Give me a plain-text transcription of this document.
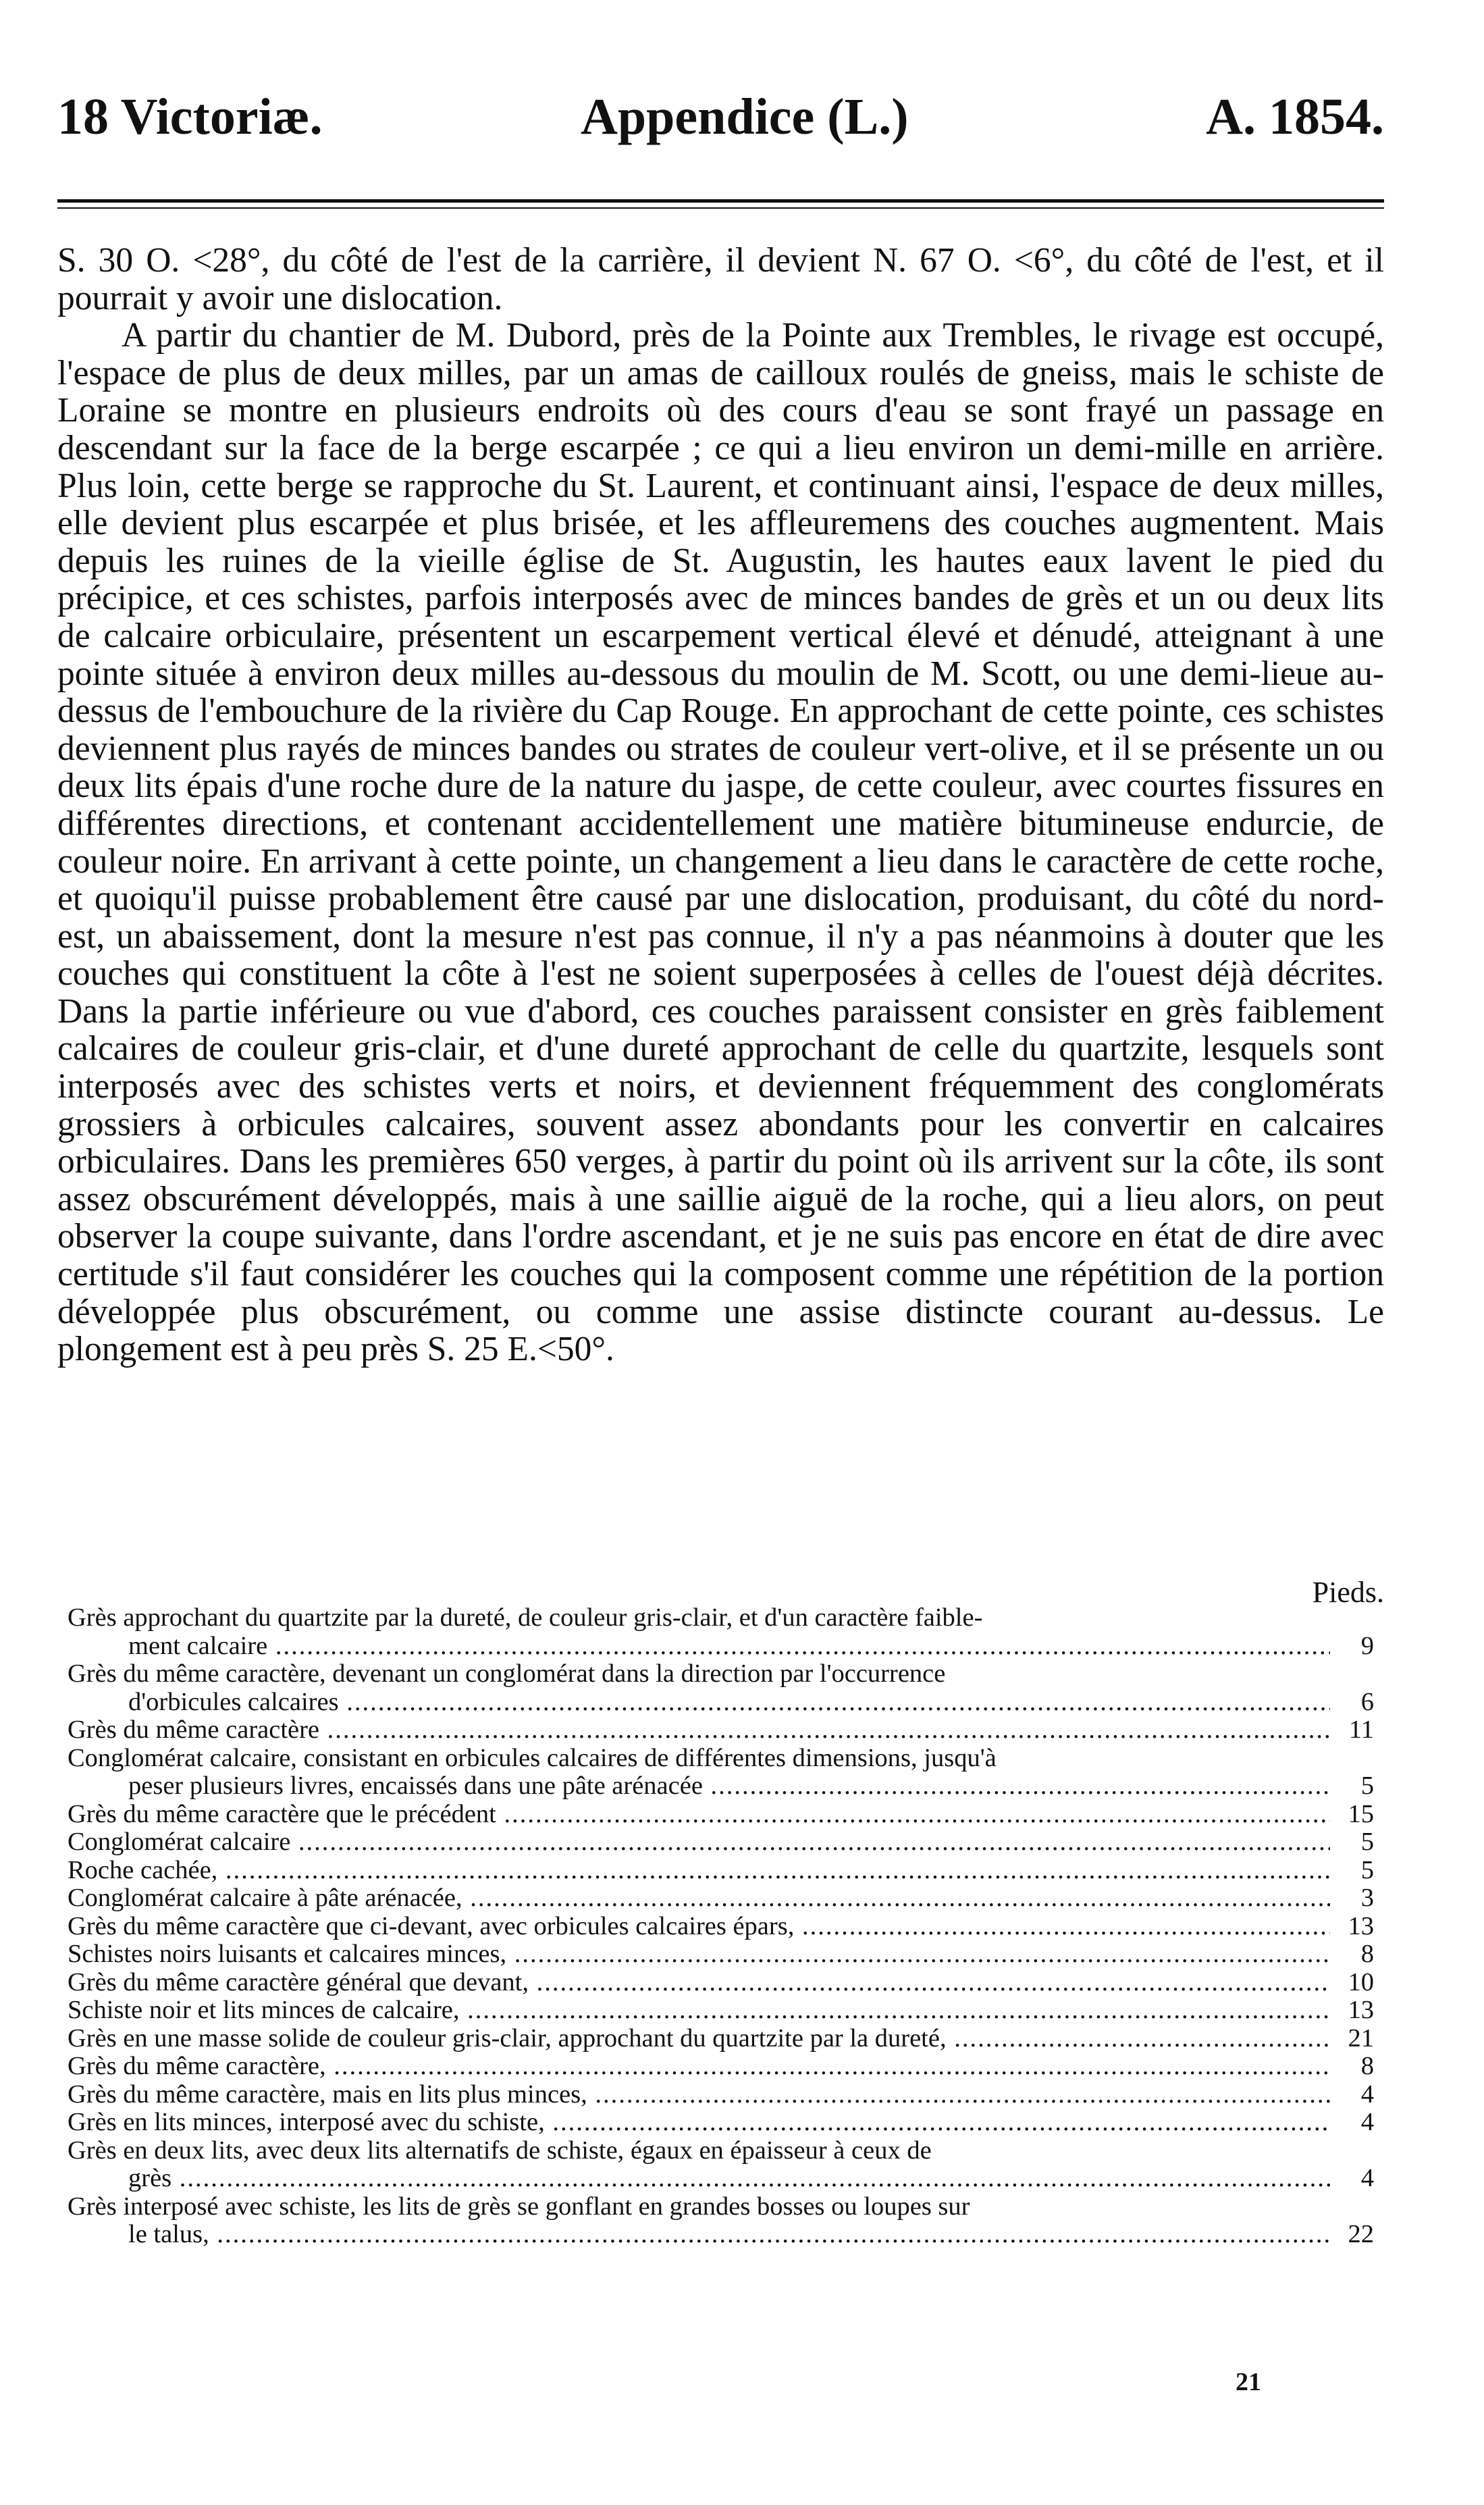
18 Victoriæ.	Appendice (L.)	A. 1854.

S. 30 O. <28°, du côté de l'est de la carrière, il devient N. 67 O. <6°, du côté de l'est, et il pourrait y avoir une dislocation.

A partir du chantier de M. Dubord, près de la Pointe aux Trembles, le rivage est occupé, l'espace de plus de deux milles, par un amas de cailloux roulés de gneiss, mais le schiste de Loraine se montre en plusieurs endroits où des cours d'eau se sont frayé un passage en descendant sur la face de la berge escarpée ; ce qui a lieu environ un demi-mille en arrière. Plus loin, cette berge se rapproche du St. Laurent, et continuant ainsi, l'espace de deux milles, elle devient plus escarpée et plus brisée, et les affleuremens des couches augmentent. Mais depuis les ruines de la vieille église de St. Augustin, les hautes eaux lavent le pied du précipice, et ces schistes, parfois interposés avec de minces bandes de grès et un ou deux lits de calcaire orbiculaire, présentent un escarpement vertical élevé et dénudé, atteignant à une pointe située à environ deux milles au-dessous du moulin de M. Scott, ou une demi-lieue au-dessus de l'embouchure de la rivière du Cap Rouge. En approchant de cette pointe, ces schistes deviennent plus rayés de minces bandes ou strates de couleur vert-olive, et il se présente un ou deux lits épais d'une roche dure de la nature du jaspe, de cette couleur, avec courtes fissures en différentes directions, et contenant accidentellement une matière bitumineuse endurcie, de couleur noire. En arrivant à cette pointe, un changement a lieu dans le caractère de cette roche, et quoiqu'il puisse probablement être causé par une dislocation, produisant, du côté du nord-est, un abaissement, dont la mesure n'est pas connue, il n'y a pas néanmoins à douter que les couches qui constituent la côte à l'est ne soient superposées à celles de l'ouest déjà décrites. Dans la partie inférieure ou vue d'abord, ces couches paraissent consister en grès faiblement calcaires de couleur gris-clair, et d'une dureté approchant de celle du quartzite, lesquels sont interposés avec des schistes verts et noirs, et deviennent fréquemment des conglomérats grossiers à orbicules calcaires, souvent assez abondants pour les convertir en calcaires orbiculaires. Dans les premières 650 verges, à partir du point où ils arrivent sur la côte, ils sont assez obscurément développés, mais à une saillie aiguë de la roche, qui a lieu alors, on peut observer la coupe suivante, dans l'ordre ascendant, et je ne suis pas encore en état de dire avec certitude s'il faut considérer les couches qui la composent comme une répétition de la portion développée plus obscurément, ou comme une assise distincte courant au-dessus. Le plongement est à peu près S. 25 E.<50°.

Pieds.
Grès approchant du quartzite par la dureté, de couleur gris-clair, et d'un caractère faible-
ment calcaire .....	9
Grès du même caractère, devenant un conglomérat dans la direction par l'occurrence
d'orbicules calcaires .....	6
Grès du même caractère .....	11
Conglomérat calcaire, consistant en orbicules calcaires de différentes dimensions, jusqu'à
peser plusieurs livres, encaissés dans une pâte arénacée .....	5
Grès du même caractère que le précédent .....	15
Conglomérat calcaire .....	5
Roche cachée, .....	5
Conglomérat calcaire à pâte arénacée, .....	3
Grès du même caractère que ci-devant, avec orbicules calcaires épars, .....	13
Schistes noirs luisants et calcaires minces, .....	8
Grès du même caractère général que devant, .....	10
Schiste noir et lits minces de calcaire, .....	13
Grès en une masse solide de couleur gris-clair, approchant du quartzite par la dureté, .....	21
Grès du même caractère, .....	8
Grès du même caractère, mais en lits plus minces, .....	4
Grès en lits minces, interposé avec du schiste, .....	4
Grès en deux lits, avec deux lits alternatifs de schiste, égaux en épaisseur à ceux de
grès .....	4
Grès interposé avec schiste, les lits de grès se gonflant en grandes bosses ou loupes sur
le talus, .....	22
21
